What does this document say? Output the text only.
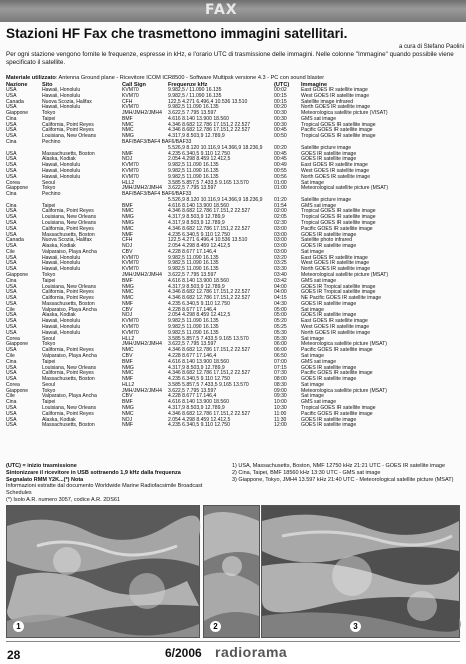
FAX
Stazioni HF Fax che trasmettono immagini satellitari.
a cura di Stefano Paolini
Per ogni stazione vengono fornite le frequenze, espresse in kHz, e l'orario UTC di trasmissione delle immagini. Nelle colonne "Immagine" quando possibile viene specificato il satellite.
Materiale utilizzato: Antenna Ground plane - Ricevitore ICOM ICR8500 - Software Multipsk versione 4.3 - PC con sound blaster
Nazione	Sito	Call Sign	Frequenze kHz	(UTC)	Immagine
USA	Hawaii, Honolulu	KVM70	9.982,5 / 11.090 16.135	00:02	East GOES IR satellite image
USA	Hawaii, Honolulu	KVM70	9.982,5 / 11.090 16.135	00:15	West GOES IR satellite image
Canada	Nuova Scozia, Halifax	CFH	122,5 4.271 6.496,4 10.536 13.510	00:15	Satellite image infrared
USA	Hawaii, Honolulu	KVM70	9.982,5 11.090 16.135	00:20	North GOES IR satellite image
Giappone	Tokyo	JMH/JMH2/JMH4	3.622,5 7.795 13.597	00:30	Meteorologica satellite picture (VISAT)
Cina	Taipei	BMF	4.616 8.140 13.900 18.560	00:30	GMS sat image
USA	California, Point Reyes	NMC	4.346 8.682 12.786 17.151,2 22.527	00:30	Tropical GOES IR satellite image
USA	California, Point Reyes	NMC	4.346 8.682 12.786 17.151,2 22.527	00:45	Pacific GOES IR satellite image
USA	Louisiana, New Orleans	NMG	4.317,9 8.503,9 12.789,9	00:50	Tropical GOES IR satellite image
Cina	Pechino	BAF/BAF3/BAF4 BAF6/BAF33			
			5.526,9 8.120 10.116,9 14.366,9 18.236,9	00:20	Satellite picture image
USA	Massachusetts, Boston	NMF	4.235 6.340,5 9.110 12.750	00:45	GOES IR satellite image
USA	Alaska, Kodiak	NOJ	2.054 4.298 8.459 12.412,5	00:45	GOES IR satellite image
USA	Hawaii, Honolulu	KVM70	9.982,5 11.090 16.135	00:49	East GOES IR satellite image
USA	Hawaii, Honolulu	KVM70	9.982,5 11.090 16.135	00:55	West GOES IR satellite image
USA	Hawaii, Honolulu	KVM70	9.982,5 11.090 16.135	00:56	North GOES IR satellite image
Corea	Seoul	HLL2	3.585 5.857,5 7.433,5 9.165 13.570	01:00	Sat image
Giappone	Tokyo	JMH/JMH2/JMH4	3.622,5 7.795 13.597	01:00	Meteorological satellite picture (MSAT)
Cina	Pechino	BAF/BAF3/BAF4 BAF6/BAF33			
			5.526,9 8.120 10.116,9 14.366,9 18.236,9	01:20	Satellite picture image
Cina	Taipei	BMF	4.616 8.140 13.900 18.560	01:54	GMS sat image
USA	California, Point Reyes	NMC	4.346 8.682 12.786 17.151,2 22.527	02:00	Tropical GOES IR satellite image
USA	Louisiana, New Orleans	NMG	4.317,9 8.503,9 12.789,9	02:05	Tropical GOES IR satellite image
USA	Louisiana, New Orleans	NMG	4.317,9 8.503,9 12.789,9	02:30	Tropical GOES IR satellite image
USA	California, Point Reyes	NMC	4.346 8.682 12.786 17.151,2 22.527	03:00	Pacific GOES IR satellite image
USA	Massachusetts, Boston	NMF	4.235 6.340,5 9.110 12.750	03:00	GOES IR satellite image
Canada	Nuova Scozia, Halifax	CFH	122,5 4.271 6.496,4 10.536 13.510	03:00	Satellite photo infrared
USA	Alaska, Kodiak	NOJ	2.054 4.298 8.459 12.412,5	03:00	GOES IR satellite image
Cile	Valparaiso, Playa Ancha	CBV	4.228 8.677 17.146,4	03:00	Sat image
USA	Hawaii, Honolulu	KVM70	9.982,5 11.090 16.135	03:20	East GOES IR satellite image
USA	Hawaii, Honolulu	KVM70	9.982,5 11.090 16.135	03:25	West GOES IR satellite image
USA	Hawaii, Honolulu	KVM70	9.982,5 11.090 16.135	03:30	North GOES IR satellite image
Giappone	Tokyo	JMH/JMH2/JMH4	3.622,5 7.795 13.597	03:40	Meteorological satellite picture (MSAT)
Cina	Taipei	BMF	4.616 8.140 13.900 18.560	03:42	GMS sat image
USA	Louisiana, New Orleans	NMG	4.317,9 8.503,9 12.789,9	04:00	GOES IR Tropical satellite image
USA	California, Point Reyes	NMC	4.346 8.682 12.786 17.151,2 22.527	04:00	GOES IR Tropical satellite image
USA	California, Point Reyes	NMC	4.346 8.682 12.786 17.151,2 22.527	04:15	NE Pacific GOES IR satellite image
USA	Massachusetts, Boston	NMF	4.235 6.340,5 9.110 12.750	04:30	GOES IR satellite image
Cile	Valparaiso, Playa Ancha	CBV	4.228 8.677 17.146,4	05:00	Sat image
USA	Alaska, Kodiak	NOJ	2.054 4.298 8.459 12.412,5	05:00	GOES IR satellite image
USA	Hawaii, Honolulu	KVM70	9.982,5 11.090 16.135	05:20	East GOES IR satellite image
USA	Hawaii, Honolulu	KVM70	9.982,5 11.090 16.135	05:25	West GOES IR satellite image
USA	Hawaii, Honolulu	KVM70	9.982,5 11.090 16.135	05:30	North GOES IR satellite image
Corea	Seoul	HLL2	3.585 5.857,5 7.433,5 9.165 13.570	05:30	Sat image
Giappone	Tokyo	JMH/JMH2/JMH4	3.622,5 7.795 13.597	06:00	Meteorologica satellite picture (MSAT)
USA	California, Point Reyes	NMC	4.346 8.682 12.786 17.151,2 22.527	06:00	Pacific GOES IR satellite image
Cile	Valparaiso, Playa Ancha	CBV	4.228 8.677 17.146,4	06:50	Sat image
Cina	Taipei	BMF	4.616 8.140 13.900 18.560	07:00	GMS sat image
USA	Louisiana, New Orleans	NMG	4.317,9 8.503,9 12.789,9	07:15	GOES IR satellite image
USA	California, Point Reyes	NMC	4.346 8.682 12.786 17.151,2 22.527	07:30	Pacific GOES IR satellite image
USA	Massachusetts, Boston	NMF	4.235 6.340,5 9.110 12.750	08:00	GOES IR satellite image
Corea	Seoul	HLL2	3.585 5.857,5 7.433,5 9.165 13.570	08:30	Sat image
Giappone	Tokyo	JMH/JMH2/JMH4	3.622,5 7.795 13.597	09:00	Meteorologica satellite picture (MSAT)
Cile	Valparaiso, Playa Ancha	CBV	4.228 8.677 17.146,4	09:30	Sat image
Cina	Taipei	BMF	4.616 8.140 13.900 18.560	10:00	GMS sat image
USA	Louisiana, New Orleans	NMG	4.317,9 8.503,9 12.789,9	10:30	Tropical GOES IR satellite image
USA	California, Point Reyes	NMC	4.346 8.682 12.786 17.151,2 22.527	11:00	Pacific GOES IR satellite image
USA	Alaska, Kodiak	NOJ	2.054 4.298 8.459 12.412,5	11:30	GOES IR satellite image
USA	Massachusetts, Boston	NMF	4.235 6.340,5 9.110 12.750	12:00	GOES IR satellite image
(UTC) = inizio trasmissione
Sintonizzare il ricevitore in USB sottraendo 1,9 kHz dalla frequenza
Segnalato RMM Y2K...(*) Nota
Informazioni estratte dal documento Worldwide Marine Radiofacsimile Broadcast Schedules
(*) Isolo A.R. numero 3057, codice A.R. 2DS61
1) USA, Massachusetts, Boston, NMF 12750 kHz 21:21 UTC - GOES IR satellite image
2) Cina, Taipei, BMF 18560 kHz 13:30 UTC - GMS sat image
3) Giappone, Tokyo, JMH4 13.597 kHz 21:40 UTC - Meteorological satellite picture (MSAT)
1	2	3
28	6/2006 radiorama
